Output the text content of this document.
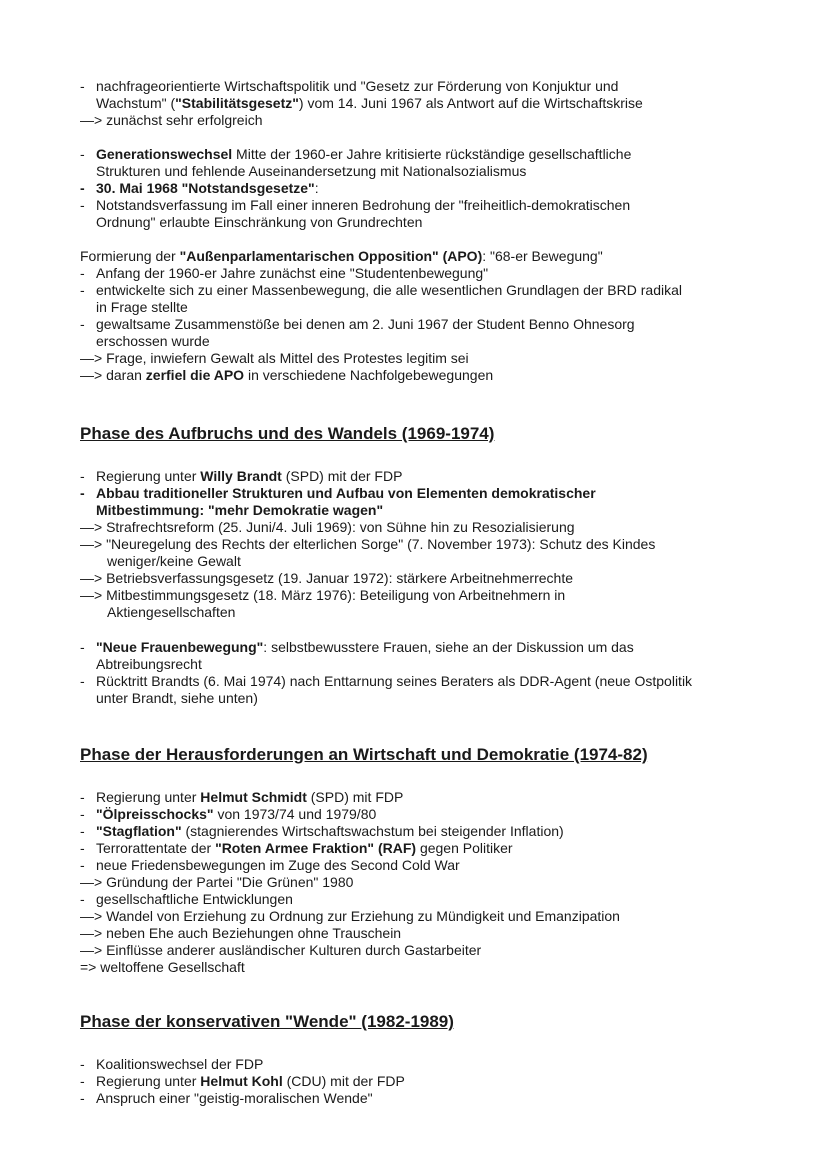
- nachfrageorientierte Wirtschaftspolitik und "Gesetz zur Förderung von Konjuktur und
Wachstum" ("Stabilitätsgesetz") vom 14. Juni 1967 als Antwort auf die Wirtschaftskrise
—> zunächst sehr erfolgreich
- Generationswechsel Mitte der 1960-er Jahre kritisierte rückständige gesellschaftliche
Strukturen und fehlende Auseinandersetzung mit Nationalsozialismus
- 30. Mai 1968 "Notstandsgesetze":
- Notstandsverfassung im Fall einer inneren Bedrohung der "freiheitlich-demokratischen
Ordnung" erlaubte Einschränkung von Grundrechten
Formierung der "Außenparlamentarischen Opposition" (APO): "68-er Bewegung"
- Anfang der 1960-er Jahre zunächst eine "Studentenbewegung"
- entwickelte sich zu einer Massenbewegung, die alle wesentlichen Grundlagen der BRD radikal
in Frage stellte
- gewaltsame Zusammenstöße bei denen am 2. Juni 1967 der Student Benno Ohnesorg
erschossen wurde
—> Frage, inwiefern Gewalt als Mittel des Protestes legitim sei
—> daran zerfiel die APO in verschiedene Nachfolgebewegungen
Phase des Aufbruchs und des Wandels (1969-1974)
- Regierung unter Willy Brandt (SPD) mit der FDP
- Abbau traditioneller Strukturen und Aufbau von Elementen demokratischer
Mitbestimmung: "mehr Demokratie wagen"
—> Strafrechtsreform (25. Juni/4. Juli 1969): von Sühne hin zu Resozialisierung
—> "Neuregelung des Rechts der elterlichen Sorge" (7. November 1973): Schutz des Kindes
weniger/keine Gewalt
—> Betriebsverfassungsgesetz (19. Januar 1972): stärkere Arbeitnehmerrechte
—> Mitbestimmungsgesetz (18. März 1976): Beteiligung von Arbeitnehmern in
Aktiengesellschaften
- "Neue Frauenbewegung": selbstbewusstere Frauen, siehe an der Diskussion um das
Abtreibungsrecht
- Rücktritt Brandts (6. Mai 1974) nach Enttarnung seines Beraters als DDR-Agent (neue Ostpolitik
unter Brandt, siehe unten)
Phase der Herausforderungen an Wirtschaft und Demokratie (1974-82)
- Regierung unter Helmut Schmidt (SPD) mit FDP
- "Ölpreisschocks" von 1973/74 und 1979/80
- "Stagflation" (stagnierendes Wirtschaftswachstum bei steigender Inflation)
- Terrorattentate der "Roten Armee Fraktion" (RAF) gegen Politiker
- neue Friedensbewegungen im Zuge des Second Cold War
—> Gründung der Partei "Die Grünen" 1980
- gesellschaftliche Entwicklungen
—> Wandel von Erziehung zu Ordnung zur Erziehung zu Mündigkeit und Emanzipation
—> neben Ehe auch Beziehungen ohne Trauschein
—> Einflüsse anderer ausländischer Kulturen durch Gastarbeiter
=> weltoffene Gesellschaft
Phase der konservativen "Wende" (1982-1989)
- Koalitionswechsel der FDP
- Regierung unter Helmut Kohl (CDU) mit der FDP
- Anspruch einer "geistig-moralischen Wende"
